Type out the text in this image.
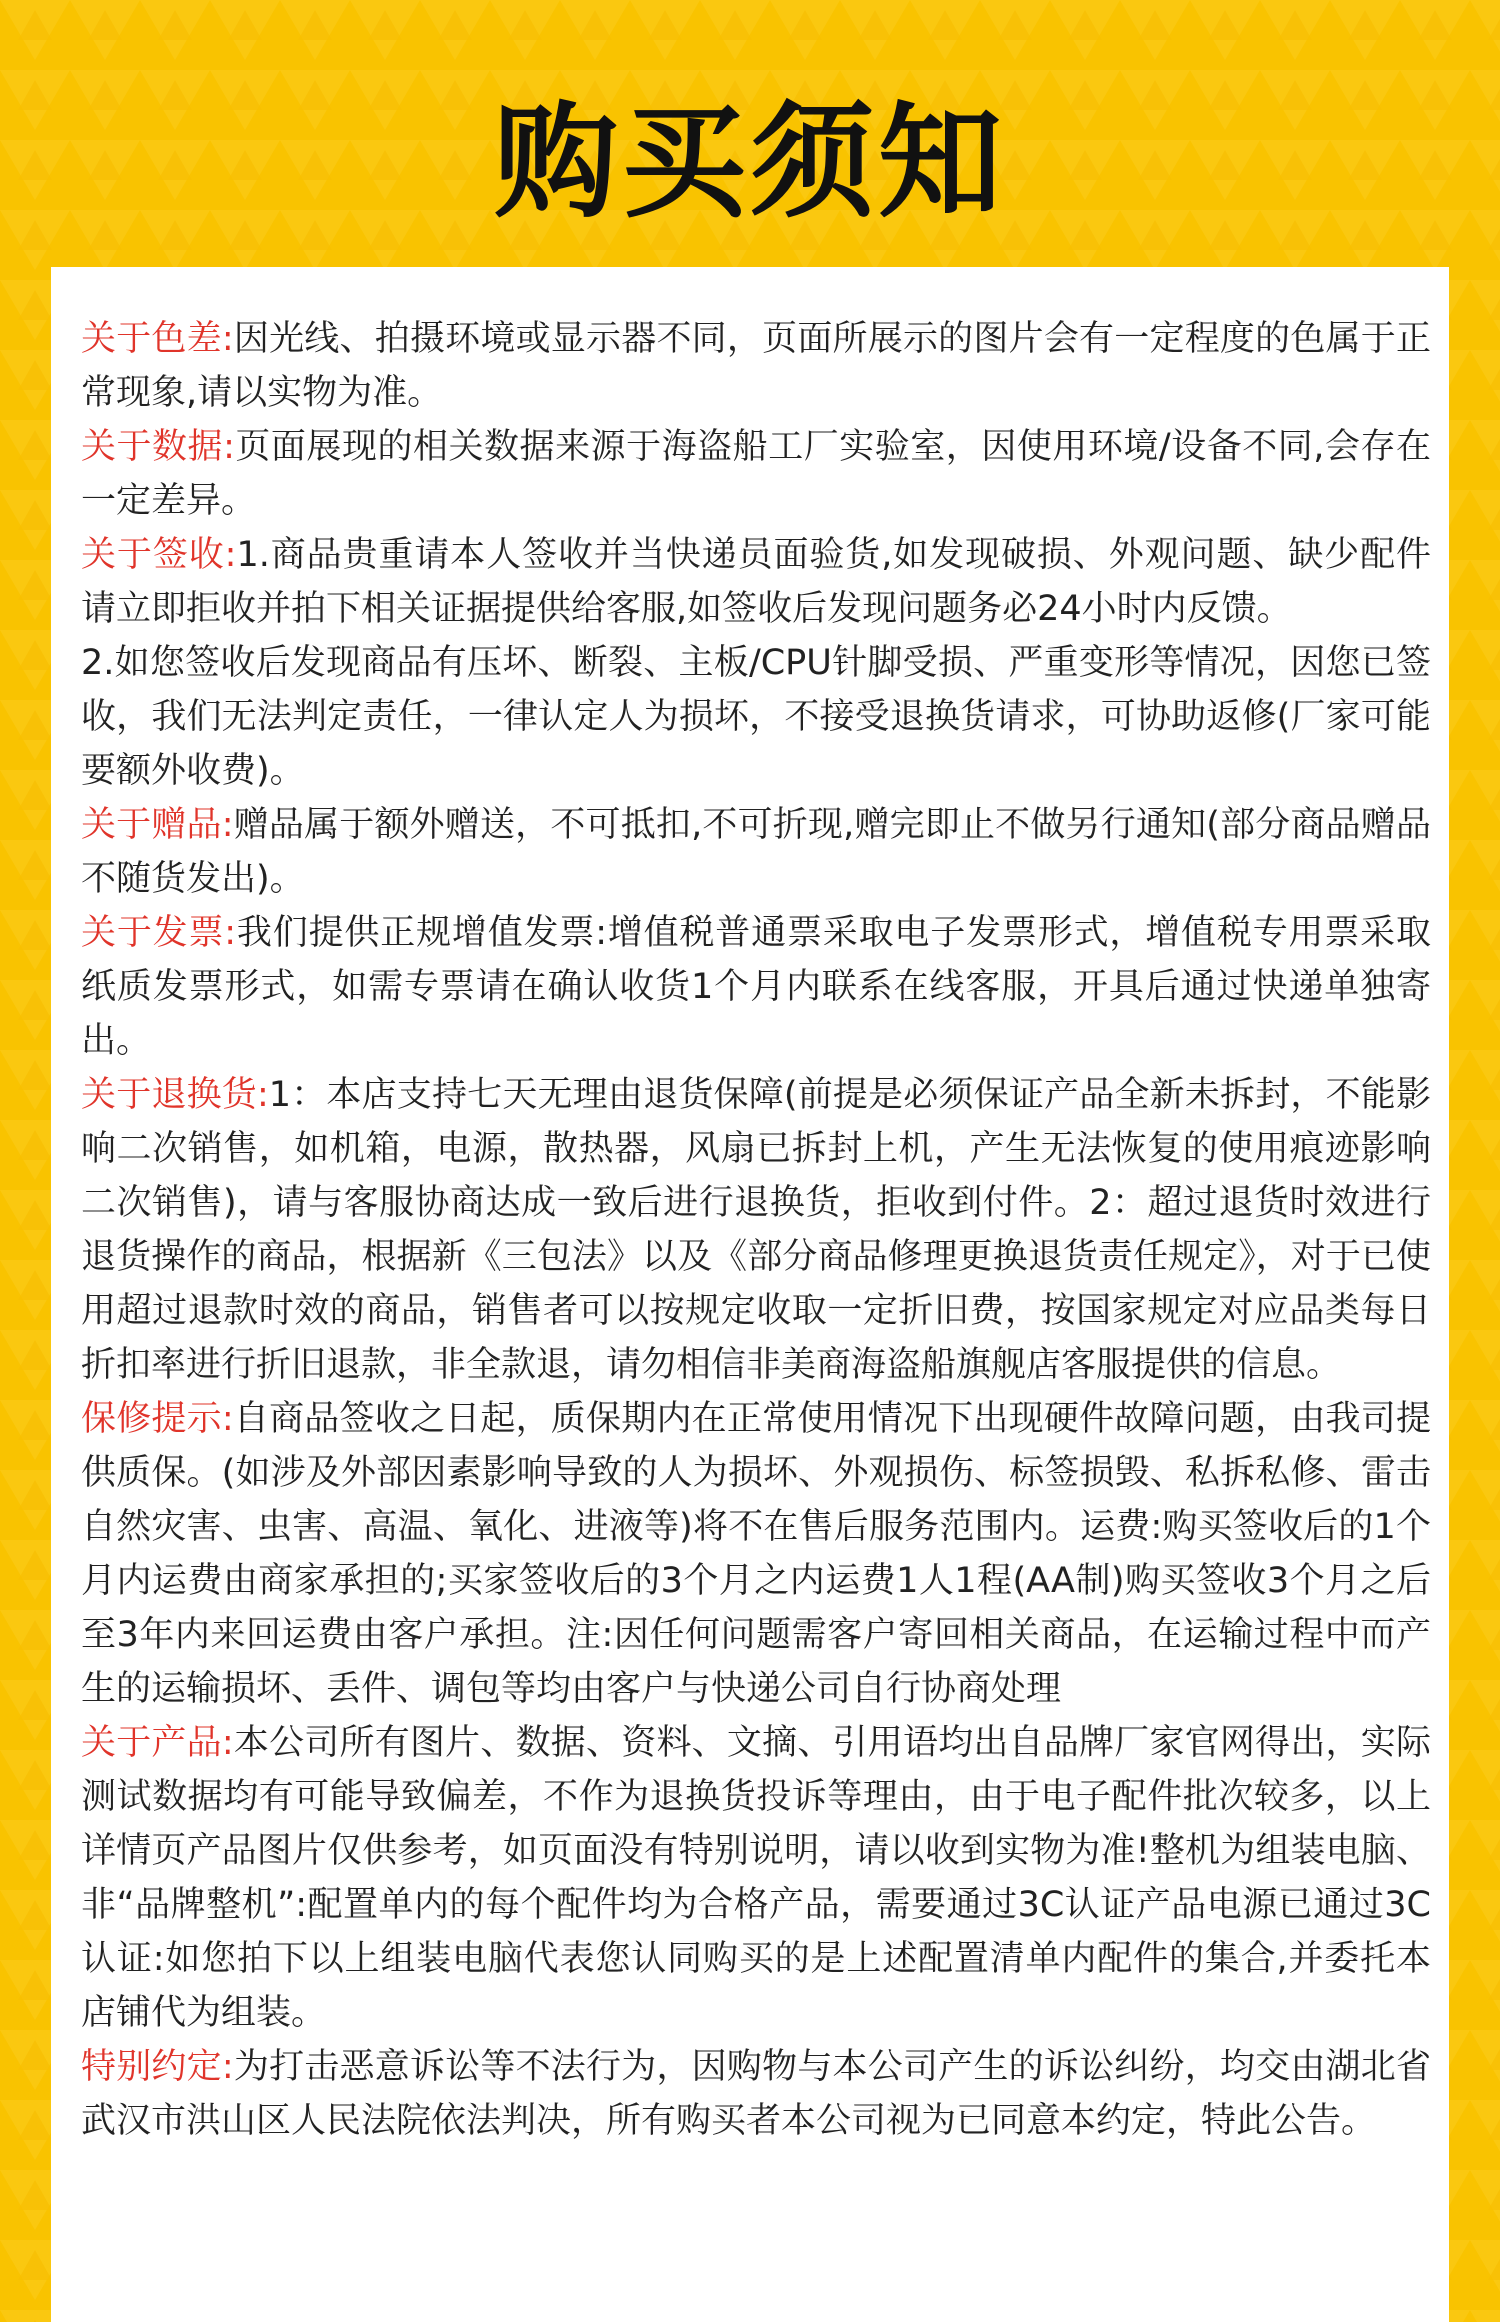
购买须知

关于色差:因光线、拍摄环境或显示器不同，页面所展示的图片会有一定程度的色属于正常现象,请以实物为准。

关于数据:页面展现的相关数据来源于海盗船工厂实验室，因使用环境/设备不同,会存在一定差异。

关于签收:1.商品贵重请本人签收并当快递员面验货,如发现破损、外观问题、缺少配件请立即拒收并拍下相关证据提供给客服,如签收后发现问题务必24小时内反馈。

2.如您签收后发现商品有压坏、断裂、主板/CPU针脚受损、严重变形等情况，因您已签收，我们无法判定责任，一律认定人为损坏，不接受退换货请求，可协助返修(厂家可能要额外收费)。

关于赠品:赠品属于额外赠送，不可抵扣,不可折现,赠完即止不做另行通知(部分商品赠品不随货发出)。

关于发票:我们提供正规增值发票:增值税普通票采取电子发票形式，增值税专用票采取纸质发票形式，如需专票请在确认收货1个月内联系在线客服，开具后通过快递单独寄出。

关于退换货:1：本店支持七天无理由退货保障(前提是必须保证产品全新未拆封，不能影响二次销售，如机箱，电源，散热器，风扇已拆封上机，产生无法恢复的使用痕迹影响二次销售)，请与客服协商达成一致后进行退换货，拒收到付件。2：超过退货时效进行退货操作的商品，根据新《三包法》以及《部分商品修理更换退货责任规定》，对于已使用超过退款时效的商品，销售者可以按规定收取一定折旧费，按国家规定对应品类每日折扣率进行折旧退款，非全款退，请勿相信非美商海盗船旗舰店客服提供的信息。

保修提示:自商品签收之日起，质保期内在正常使用情况下出现硬件故障问题，由我司提供质保。(如涉及外部因素影响导致的人为损坏、外观损伤、标签损毁、私拆私修、雷击自然灾害、虫害、高温、氧化、进液等)将不在售后服务范围内。运费:购买签收后的1个月内运费由商家承担的;买家签收后的3个月之内运费1人1程(AA制)购买签收3个月之后至3年内来回运费由客户承担。注:因任何问题需客户寄回相关商品，在运输过程中而产生的运输损坏、丢件、调包等均由客户与快递公司自行协商处理

关于产品:本公司所有图片、数据、资料、文摘、引用语均出自品牌厂家官网得出，实际测试数据均有可能导致偏差，不作为退换货投诉等理由，由于电子配件批次较多，以上详情页产品图片仅供参考，如页面没有特别说明，请以收到实物为准!整机为组装电脑、非“品牌整机”:配置单内的每个配件均为合格产品，需要通过3C认证产品电源已通过3C认证:如您拍下以上组装电脑代表您认同购买的是上述配置清单内配件的集合,并委托本店铺代为组装。

特别约定:为打击恶意诉讼等不法行为，因购物与本公司产生的诉讼纠纷，均交由湖北省武汉市洪山区人民法院依法判决，所有购买者本公司视为已同意本约定，特此公告。
